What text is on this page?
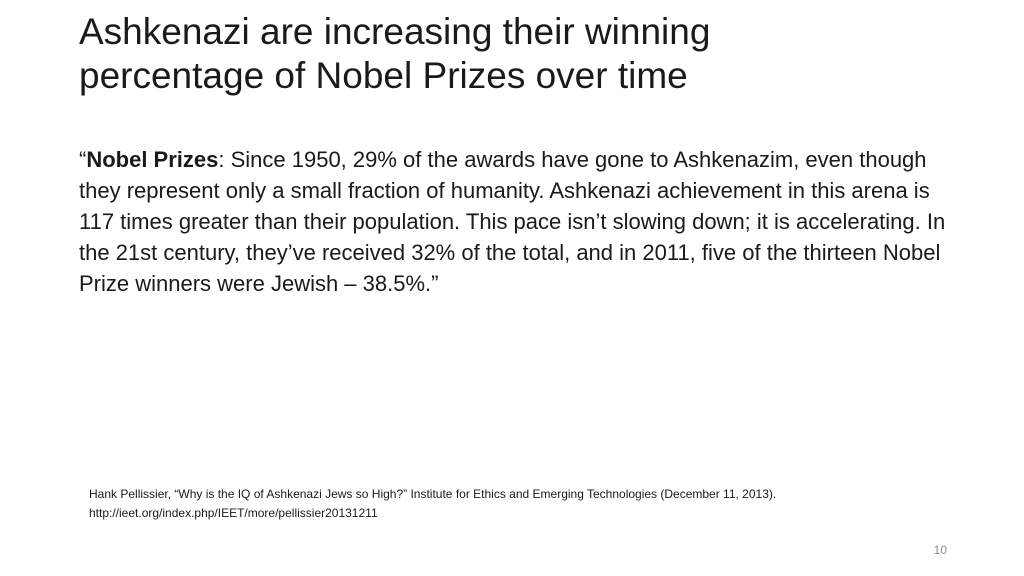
Ashkenazi are increasing their winning
percentage of Nobel Prizes over time

“Nobel Prizes: Since 1950, 29% of the awards have gone to Ashkenazim, even though they represent only a small fraction of humanity. Ashkenazi achievement in this arena is 117 times greater than their population. This pace isn’t slowing down; it is accelerating. In the 21st century, they’ve received 32% of the total, and in 2011, five of the thirteen Nobel Prize winners were Jewish – 38.5%.”

Hank Pellissier, “Why is the IQ of Ashkenazi Jews so High?” Institute for Ethics and Emerging Technologies (December 11, 2013).
http://ieet.org/index.php/IEET/more/pellissier20131211

10
